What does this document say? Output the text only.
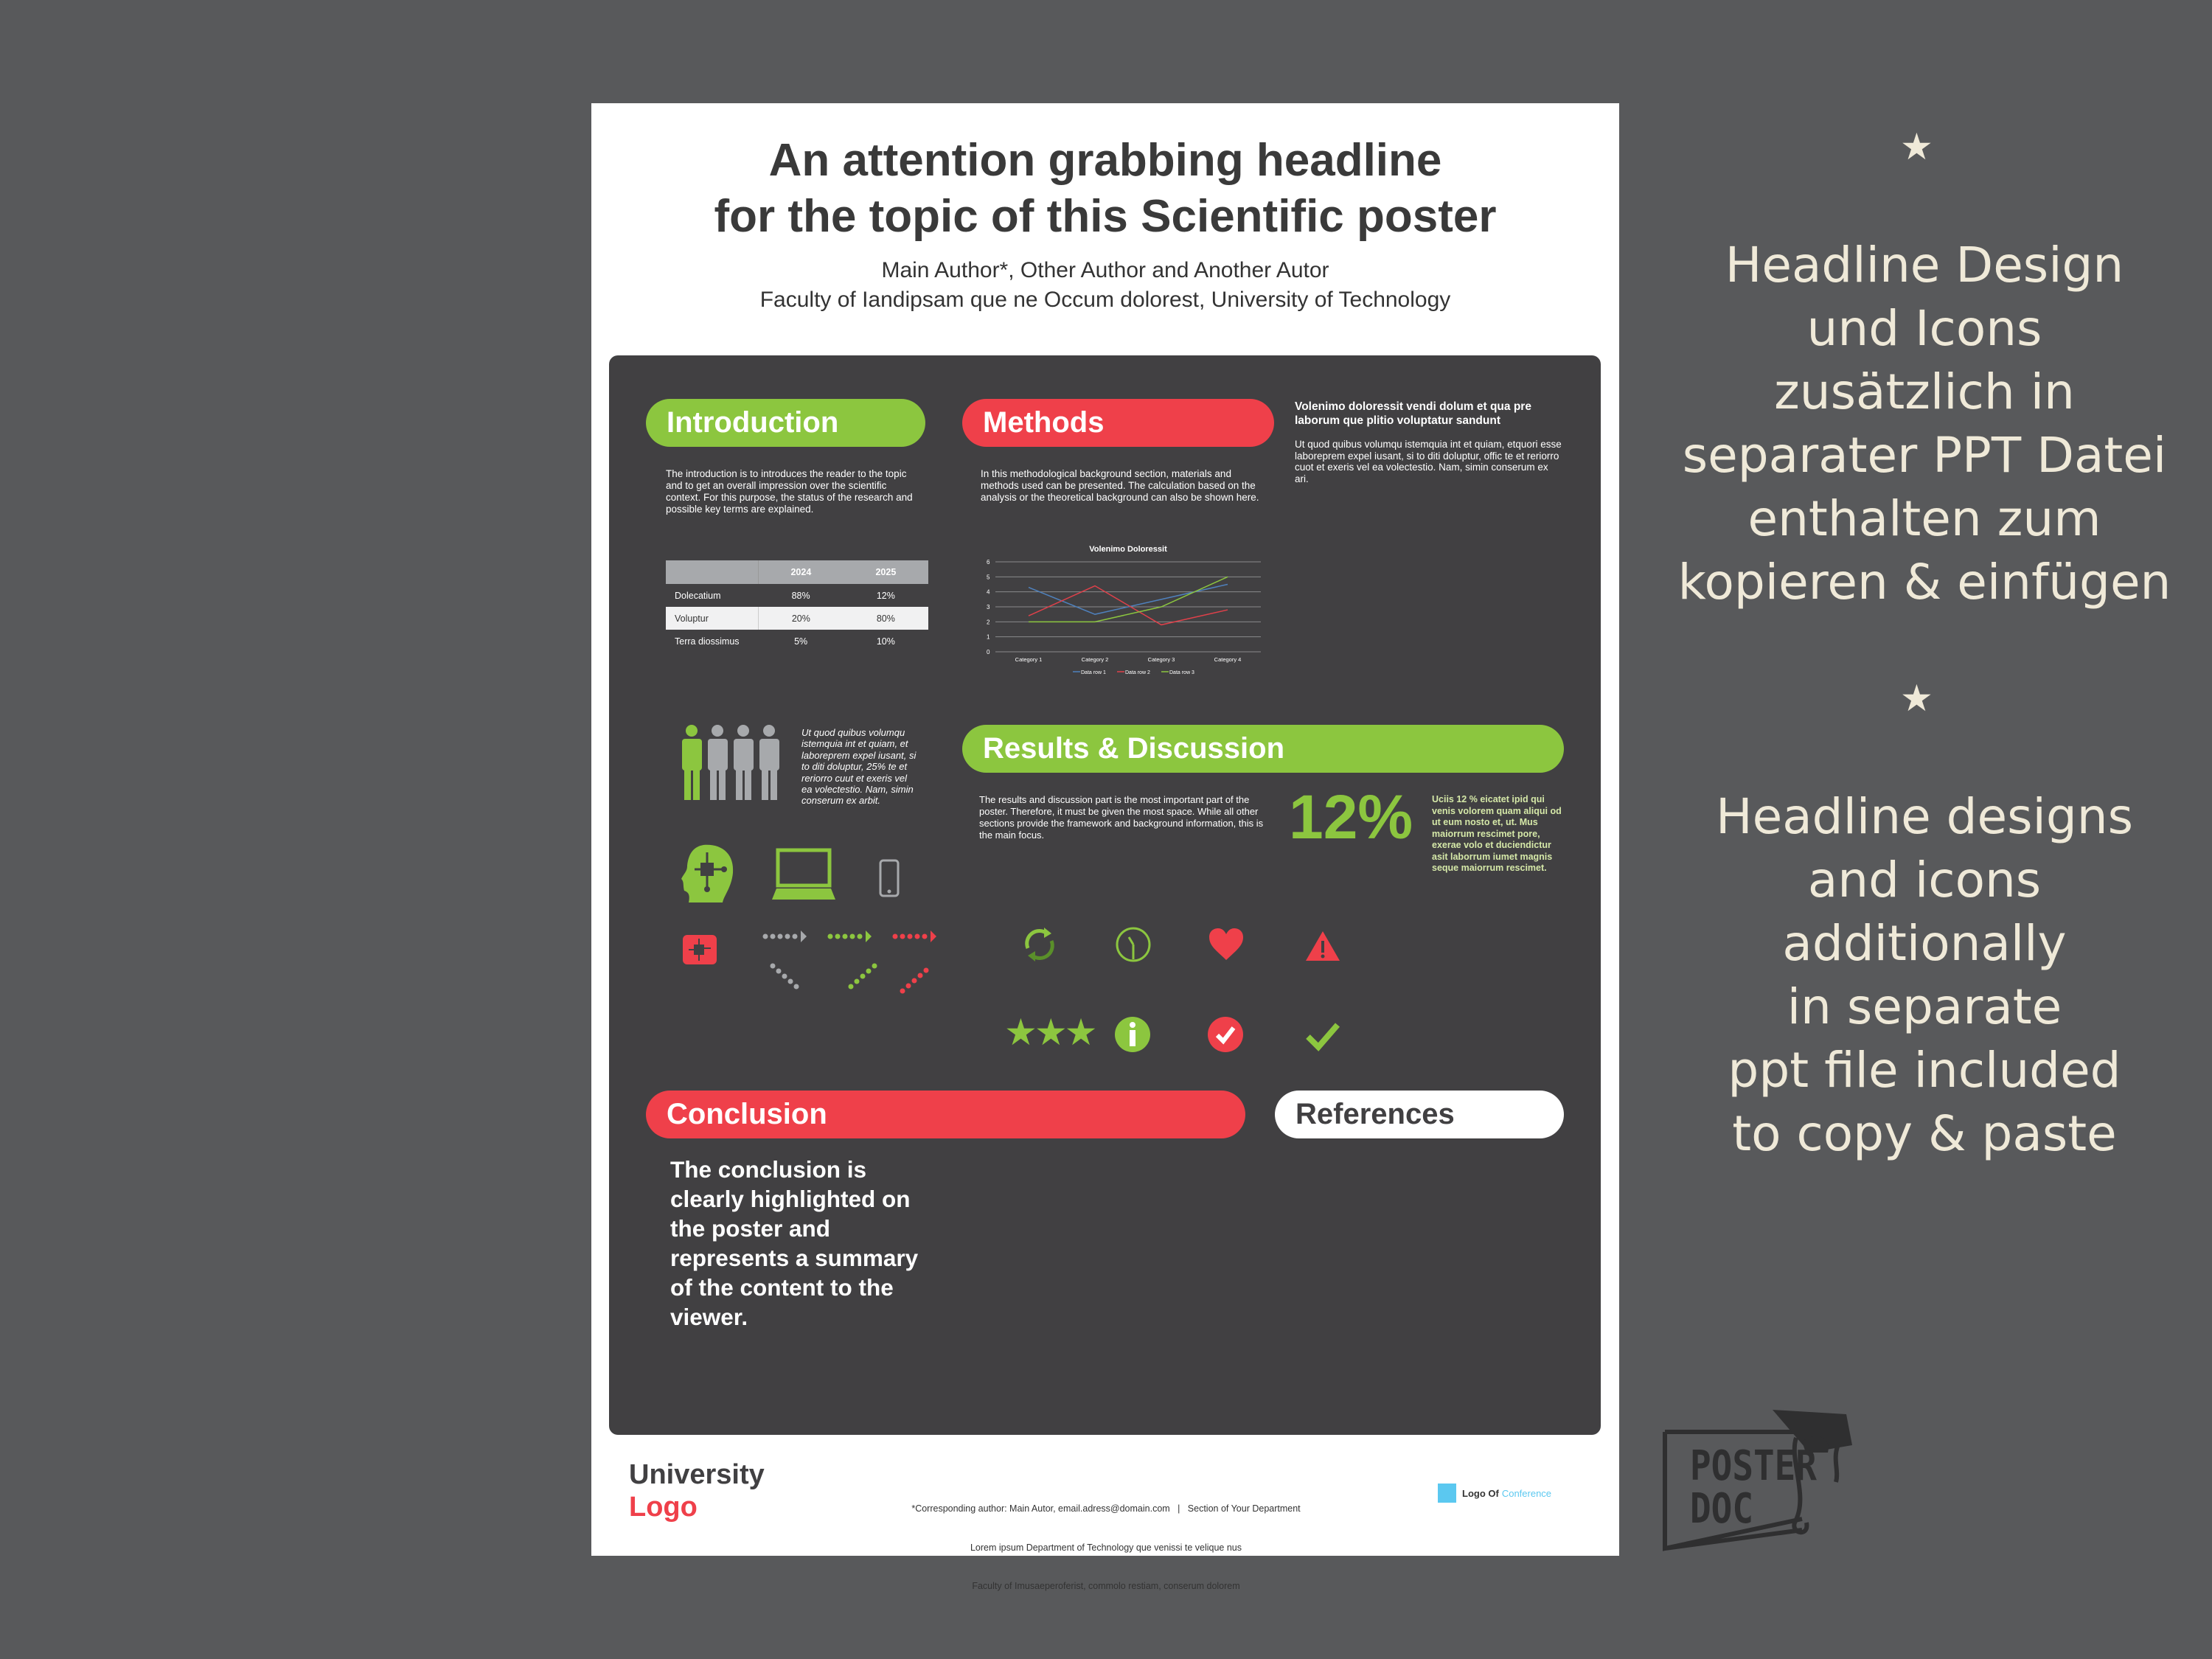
An attention grabbing headline
for the topic of this Scientific poster
Main Author*, Other Author and Another Autor
Faculty of Iandipsam que ne Occum dolorest, University of Technology
Introduction
The introduction is to introduces the reader to the topic and to get an overall impression over the scientific context. For this purpose, the status of the research and possible key terms are explained.
	2024	2025
Dolecatium	88%	12%
Voluptur	20%	80%
Terra diossimus	5%	10%
Methods
In this methodological background section, materials and methods used can be presented. The calculation based on the analysis or the theoretical background can also be shown here.
Volenimo Doloressit
0
1
2
3
4
5
6
Category 1	Category 2	Category 3	Category 4
Data row 1	Data row 2	Data row 3
Volenimo doloressit vendi dolum et qua pre laborum que plitio voluptatur sandunt
Ut quod quibus volumqu istemquia int et quiam, etquori esse laboreprem expel iusant, si to diti doluptur, offic te et reriorro cuot et exeris vel ea volectestio. Nam, simin conserum ex ari.
Ut quod quibus volumqu istemquia int et quiam, et laboreprem expel iusant, si to diti doluptur, 25% te et reriorro cuut et exeris vel ea volectestio. Nam, simin conserum ex arbit.
Results & Discussion
The results and discussion part is the most important part of the poster. Therefore, it must be given the most space. While all other sections provide the framework and background information, this is the main focus.	12% Uciis 12 % eicatet ipid qui venis volorem quam aliqui od ut eum nosto et, ut. Mus maiorrum rescimet pore, exerae volo et duciendictur asit laborrum iumet magnis seque maiorrum rescimet.
★★★
Conclusion	References
The conclusion is clearly highlighted on the poster and represents a summary of the content to the viewer.
University
Logo

	*Corresponding author: Main Autor, email.adress@domain.com   |   Section of Your Department

Lorem ipsum Department of Technology que venissi te velique nus

Faculty of Imusaeperoferist, commolo restiam, conserum dolorem

Logo Of Conference
★
Headline Design
und Icons
zusätzlich in
separater PPT Datei
enthalten zum
kopieren & einfügen
★
Headline designs
and icons
additionally
in separate
ppt file included
to copy & paste
POSTER
DOC
